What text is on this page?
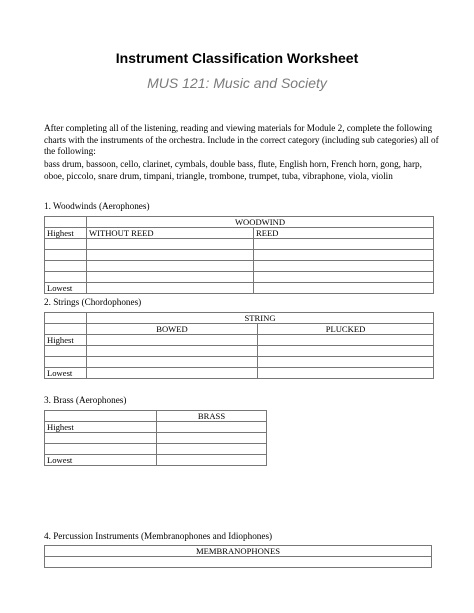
Instrument Classification Worksheet
MUS 121: Music and Society
After completing all of the listening, reading and viewing materials for Module 2, complete the following charts with the instruments of the orchestra. Include in the correct category (including sub categories) all of the following:
bass drum, bassoon, cello, clarinet, cymbals, double bass, flute, English horn, French horn, gong, harp, oboe, piccolo, snare drum, timpani, triangle, trombone, trumpet, tuba, vibraphone, viola, violin
1. Woodwinds (Aerophones)
	WOODWIND	
Highest	WITHOUT REED	REED

Lowest		
2. Strings (Chordophones)
	STRING	
	BOWED	PLUCKED
Highest		

Lowest		
3. Brass (Aerophones)
	BRASS
Highest	

Lowest	
4. Percussion Instruments (Membranophones and Idiophones)
MEMBRANOPHONES
